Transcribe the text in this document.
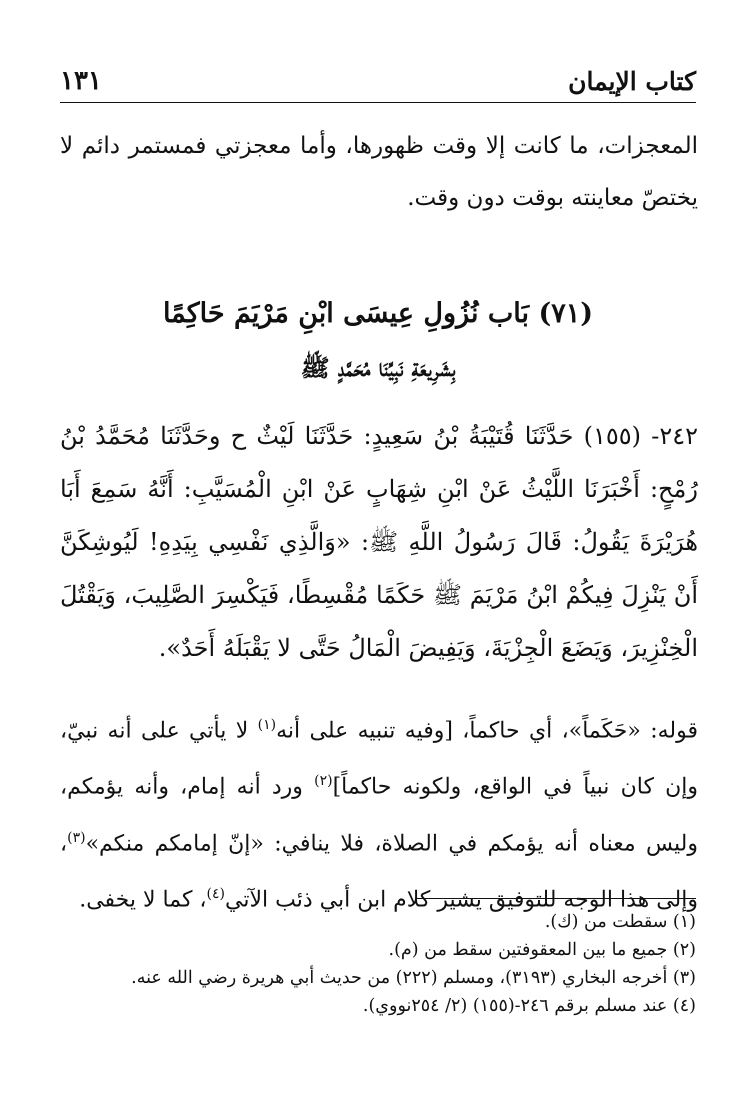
كتاب الإيمان
١٣١
المعجزات، ما كانت إلا وقت ظهورها، وأما معجزتي فمستمر دائم لا يختصّ معاينته بوقت دون وقت.
(٧١) بَاب نُزُولِ عِيسَى ابْنِ مَرْيَمَ حَاكِمًا
بِشَرِيعَةِ نَبِيِّنَا مُحَمَّدٍ ﷺ
٢٤٢- (١٥٥) حَدَّثَنَا قُتَيْبَةُ بْنُ سَعِيدٍ: حَدَّثَنَا لَيْثٌ ح وحَدَّثَنَا مُحَمَّدُ بْنُ رُمْحٍ: أَخْبَرَنَا اللَّيْثُ عَنْ ابْنِ شِهَابٍ عَنْ ابْنِ الْمُسَيَّبِ: أَنَّهُ سَمِعَ أَبَا هُرَيْرَةَ يَقُولُ: قَالَ رَسُولُ اللَّهِ ﷺ: «وَالَّذِي نَفْسِي بِيَدِهِ! لَيُوشِكَنَّ أَنْ يَنْزِلَ فِيكُمْ ابْنُ مَرْيَمَ ﷺ حَكَمًا مُقْسِطًا، فَيَكْسِرَ الصَّلِيبَ، وَيَقْتُلَ الْخِنْزِيرَ، وَيَضَعَ الْجِزْيَةَ، وَيَفِيضَ الْمَالُ حَتَّى لا يَقْبَلَهُ أَحَدٌ».
قوله: «حَكَماً»، أي حاكماً، [وفيه تنبيه على أنه$^{(١)}$ لا يأتي على أنه نبيّ، وإن كان نبياً في الواقع، ولكونه حاكماً]$^{(٢)}$ ورد أنه إمام، وأنه يؤمكم، وليس معناه أنه يؤمكم في الصلاة، فلا ينافي: «إنّ إمامكم منكم»$^{(٣)}$، وإلى هذا الوجه للتوفيق يشير كلام ابن أبي ذئب الآتي$^{(٤)}$، كما لا يخفى.
(١) سقطت من (ك).
(٢) جميع ما بين المعقوفتين سقط من (م).
(٣) أخرجه البخاري (٣١٩٣)، ومسلم (٢٢٢) من حديث أبي هريرة رضي الله عنه.
(٤) عند مسلم برقم ٢٤٦-(١٥٥) (٢/ ٢٥٤نووي).
